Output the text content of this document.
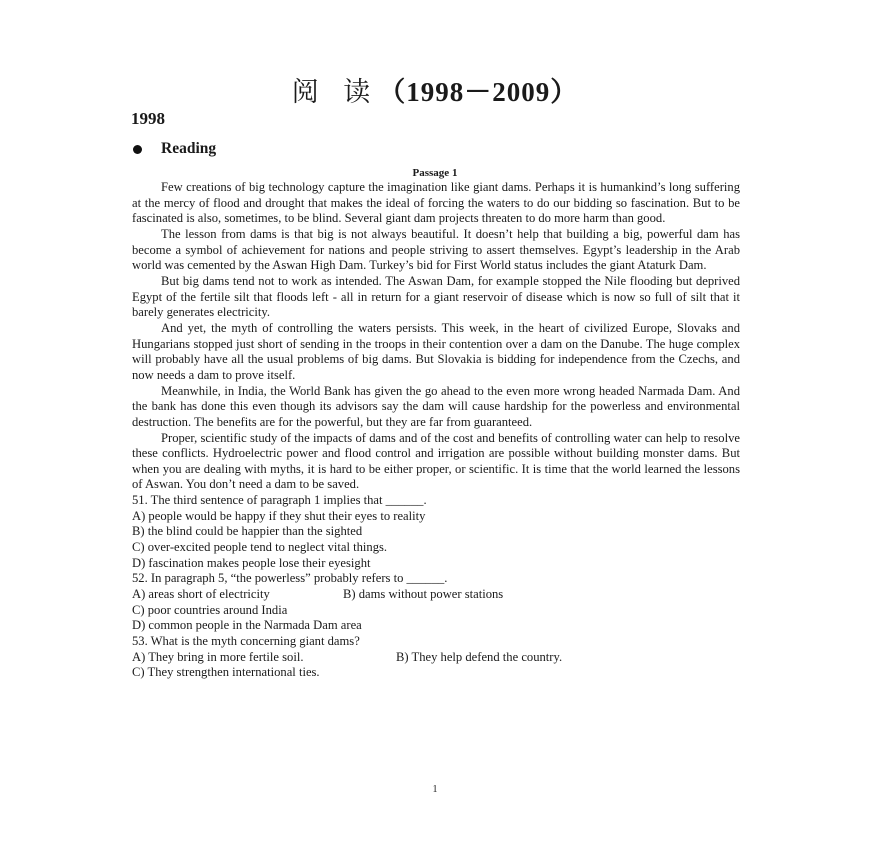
阅 读（1998－2009）
1998
Reading
Passage 1

Few creations of big technology capture the imagination like giant dams. Perhaps it is humankind’s long suffering at the mercy of flood and drought that makes the ideal of forcing the waters to do our bidding so fascination. But to be fascinated is also, sometimes, to be blind. Several giant dam projects threaten to do more harm than good.

The lesson from dams is that big is not always beautiful. It doesn’t help that building a big, powerful dam has become a symbol of achievement for nations and people striving to assert themselves. Egypt’s leadership in the Arab world was cemented by the Aswan High Dam. Turkey’s bid for First World status includes the giant Ataturk Dam.

But big dams tend not to work as intended. The Aswan Dam, for example stopped the Nile flooding but deprived Egypt of the fertile silt that floods left - all in return for a giant reservoir of disease which is now so full of silt that it barely generates electricity.

And yet, the myth of controlling the waters persists. This week, in the heart of civilized Europe, Slovaks and Hungarians stopped just short of sending in the troops in their contention over a dam on the Danube. The huge complex will probably have all the usual problems of big dams. But Slovakia is bidding for independence from the Czechs, and now needs a dam to prove itself.

Meanwhile, in India, the World Bank has given the go ahead to the even more wrong headed Narmada Dam. And the bank has done this even though its advisors say the dam will cause hardship for the powerless and environmental destruction. The benefits are for the powerful, but they are far from guaranteed.

Proper, scientific study of the impacts of dams and of the cost and benefits of controlling water can help to resolve these conflicts. Hydroelectric power and flood control and irrigation are possible without building monster dams. But when you are dealing with myths, it is hard to be either proper, or scientific. It is time that the world learned the lessons of Aswan. You don’t need a dam to be saved.

51. The third sentence of paragraph 1 implies that ______.
A) people would be happy if they shut their eyes to reality
B) the blind could be happier than the sighted
C) over-excited people tend to neglect vital things.
D) fascination makes people lose their eyesight
52. In paragraph 5, “the powerless” probably refers to ______.
A) areas short of electricity	B) dams without power stations
C) poor countries around India
D) common people in the Narmada Dam area
53. What is the myth concerning giant dams?
A) They bring in more fertile soil.	B) They help defend the country.
C) They strengthen international ties.
1
